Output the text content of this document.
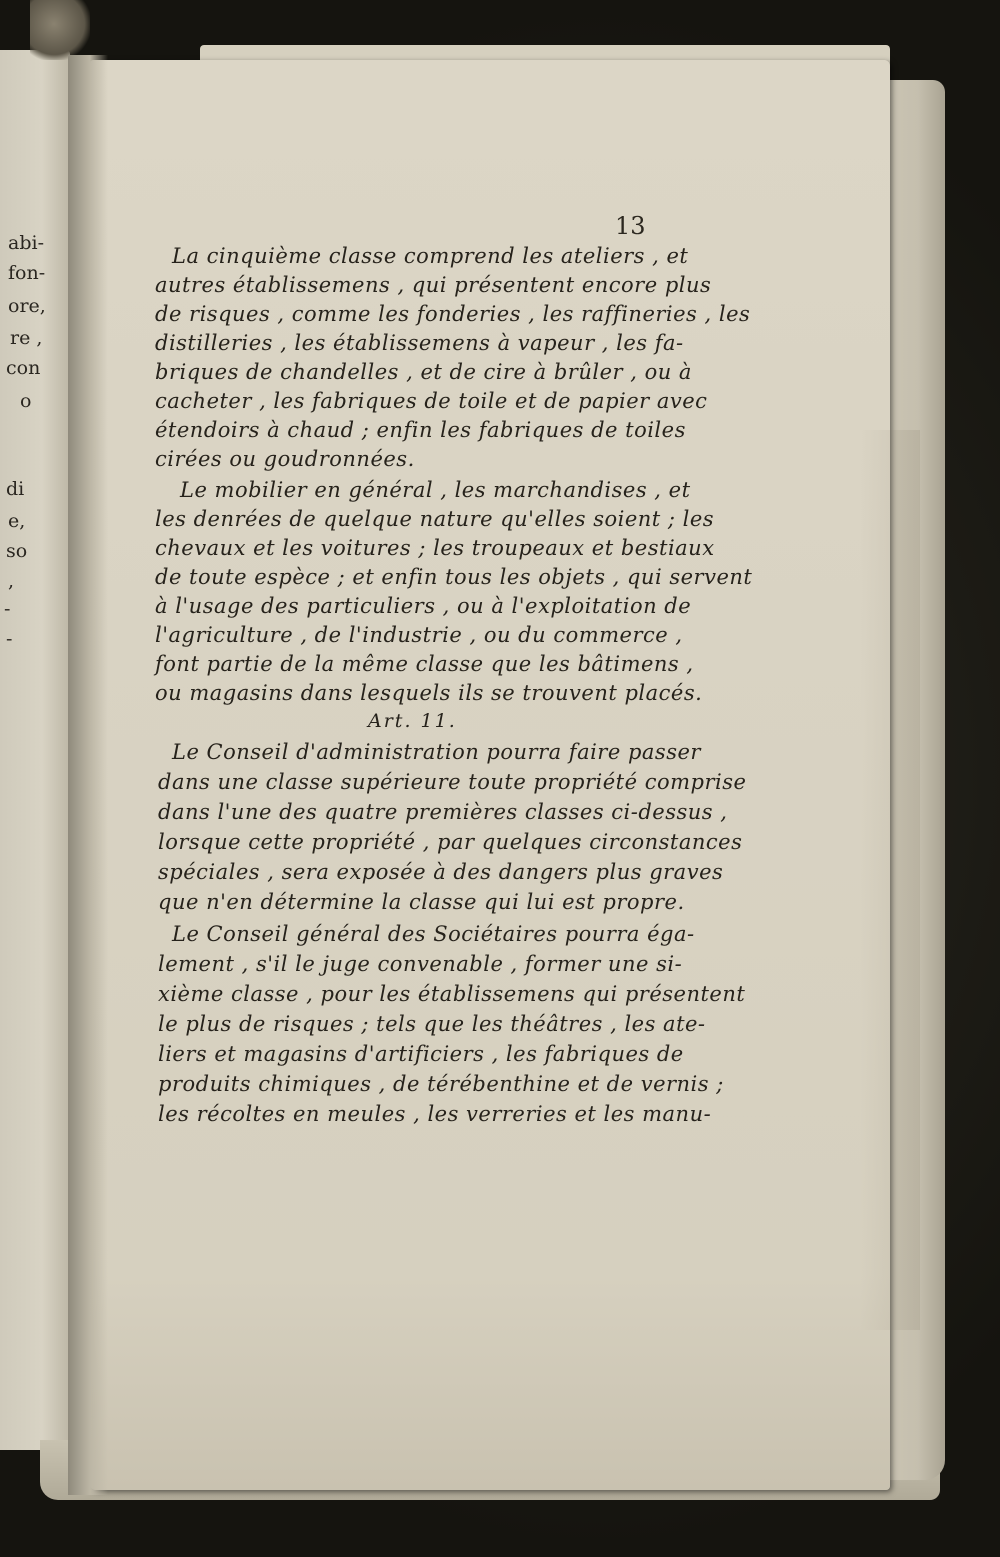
abi-
fon-
ore,
re ,
con
o
di
e,
so
,
-
-
13
La cinquième classe comprend les ateliers , et
autres établissemens , qui présentent encore plus
de risques , comme les fonderies , les raffineries , les
distilleries , les établissemens à vapeur , les fa-
briques de chandelles , et de cire à brûler , ou à
cacheter , les fabriques de toile et de papier avec
étendoirs à chaud ; enfin les fabriques de toiles
cirées ou goudronnées.
Le mobilier en général , les marchandises , et
les denrées de quelque nature qu'elles soient ; les
chevaux et les voitures ; les troupeaux et bestiaux
de toute espèce ; et enfin tous les objets , qui servent
à l'usage des particuliers , ou à l'exploitation de
l'agriculture , de l'industrie , ou du commerce ,
font partie de la même classe que les bâtimens ,
ou magasins dans lesquels ils se trouvent placés.
Art. 11.
Le Conseil d'administration pourra faire passer
dans une classe supérieure toute propriété comprise
dans l'une des quatre premières classes ci-dessus ,
lorsque cette propriété , par quelques circonstances
spéciales , sera exposée à des dangers plus graves
que n'en détermine la classe qui lui est propre.
Le Conseil général des Sociétaires pourra éga-
lement , s'il le juge convenable , former une si-
xième classe , pour les établissemens qui présentent
le plus de risques ; tels que les théâtres , les ate-
liers et magasins d'artificiers , les fabriques de
produits chimiques , de térébenthine et de vernis ;
les récoltes en meules , les verreries et les manu-
